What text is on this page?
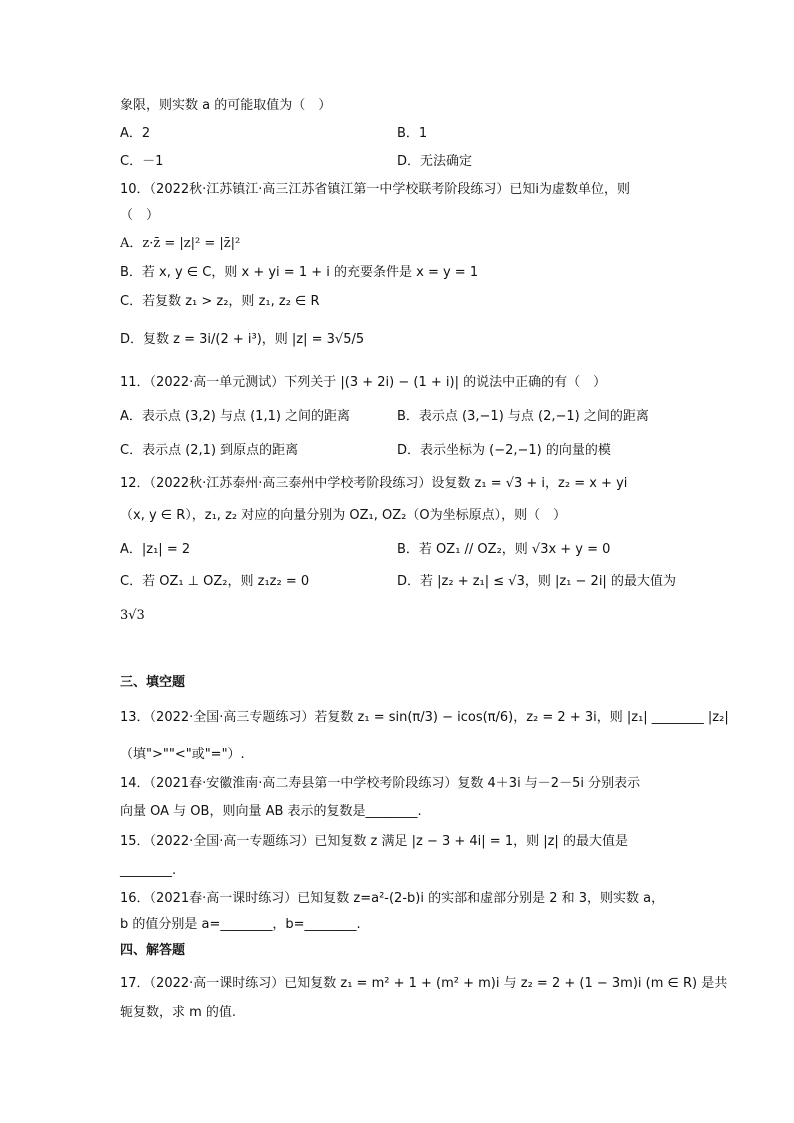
象限，则实数 a 的可能取值为（　）
A．2	B．1
C．－1	D．无法确定
10．（2022秋·江苏镇江·高三江苏省镇江第一中学校联考阶段练习）已知i为虚数单位，则
（　）
A．z·z̄ = |z|² = |z̄|²
B．若 x, y ∈ C，则 x + yi = 1 + i 的充要条件是 x = y = 1
C．若复数 z₁ > z₂，则 z₁, z₂ ∈ R
D．复数 z = 3i/(2 + i³)，则 |z| = 3√5/5
11．（2022·高一单元测试）下列关于 |(3 + 2i) − (1 + i)| 的说法中正确的有（　）
A．表示点 (3,2) 与点 (1,1) 之间的距离	B．表示点 (3,−1) 与点 (2,−1) 之间的距离
C．表示点 (2,1) 到原点的距离	D．表示坐标为 (−2,−1) 的向量的模
12．（2022秋·江苏泰州·高三泰州中学校考阶段练习）设复数 z₁ = √3 + i，z₂ = x + yi
（x, y ∈ R），z₁, z₂ 对应的向量分别为 OZ₁, OZ₂（O为坐标原点），则（　）
A．|z₁| = 2	B．若 OZ₁ // OZ₂，则 √3x + y = 0
C．若 OZ₁ ⊥ OZ₂，则 z₁z₂ = 0	D．若 |z₂ + z₁| ≤ √3，则 |z₁ − 2i| 的最大值为
3√3
三、填空题
13．（2022·全国·高三专题练习）若复数 z₁ = sin(π/3) − icos(π/6)，z₂ = 2 + 3i，则 |z₁| ________ |z₂|
（填">""<"或"="）.
14．（2021春·安徽淮南·高二寿县第一中学校考阶段练习）复数 4＋3i 与－2－5i 分别表示
向量 OA 与 OB，则向量 AB 表示的复数是________.
15．（2022·全国·高一专题练习）已知复数 z 满足 |z − 3 + 4i| = 1，则 |z| 的最大值是
________.
16．（2021春·高一课时练习）已知复数 z=a²-(2-b)i 的实部和虚部分别是 2 和 3，则实数 a，
b 的值分别是 a=________，b=________.
四、解答题
17．（2022·高一课时练习）已知复数 z₁ = m² + 1 + (m² + m)i 与 z₂ = 2 + (1 − 3m)i (m ∈ R) 是共
轭复数，求 m 的值.
